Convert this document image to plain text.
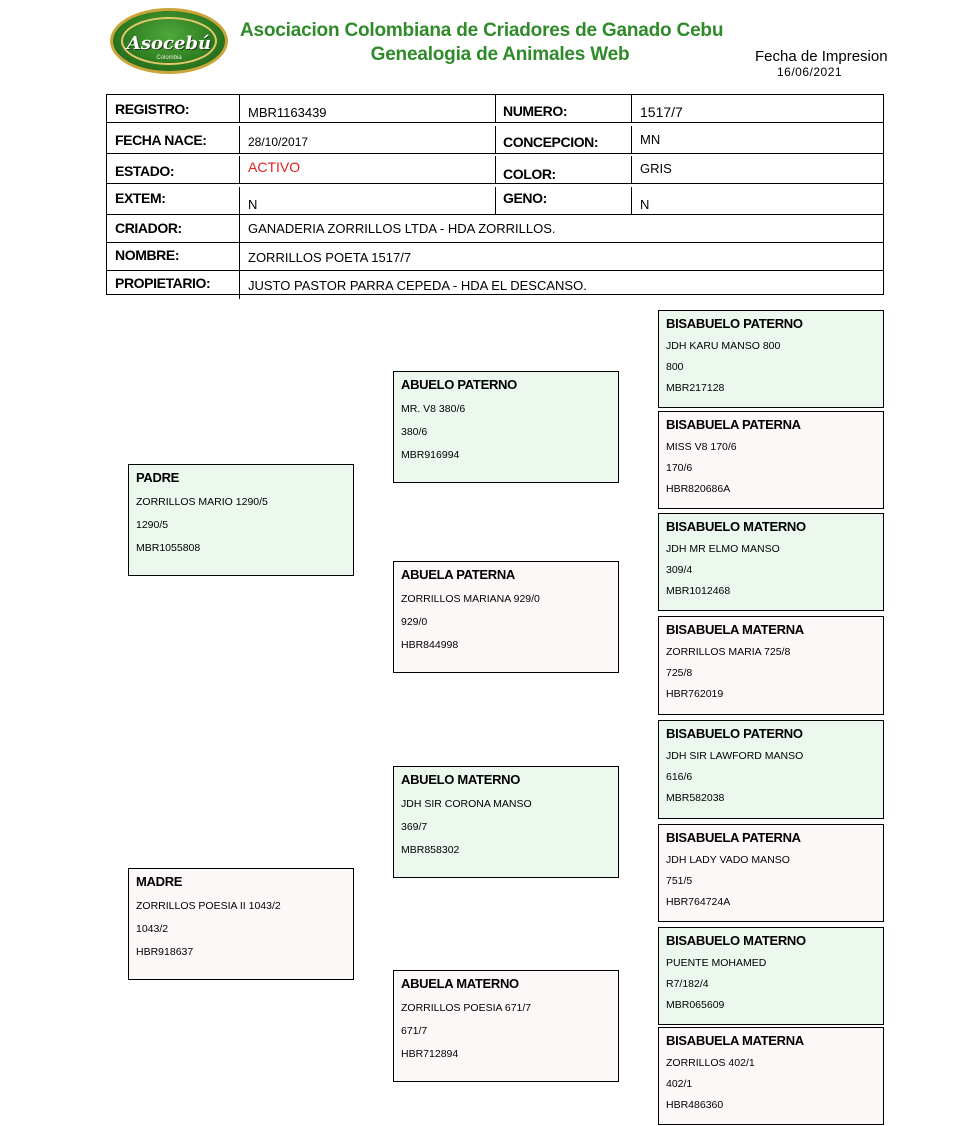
Asocebú
Colombia
Asociacion Colombiana de Criadores de Ganado Cebu
Genealogia de Animales Web	Fecha de Impresion
16/06/2021
REGISTRO:	MBR1163439	NUMERO:	1517/7
FECHA NACE:	28/10/2017	CONCEPCION:	MN
ESTADO:	ACTIVO	COLOR:	GRIS
EXTEM:	N	GENO:	N
CRIADOR:	GANADERIA ZORRILLOS LTDA - HDA ZORRILLOS.
NOMBRE:	ZORRILLOS POETA 1517/7
PROPIETARIO:	JUSTO PASTOR PARRA CEPEDA - HDA EL DESCANSO.
PADRE
ZORRILLOS MARIO 1290/5
1290/5
MBR1055808
MADRE
ZORRILLOS POESIA II 1043/2
1043/2
HBR918637
ABUELO PATERNO
MR. V8 380/6
380/6
MBR916994
ABUELA PATERNA
ZORRILLOS MARIANA 929/0
929/0
HBR844998
ABUELO MATERNO
JDH SIR CORONA MANSO
369/7
MBR858302
ABUELA MATERNO
ZORRILLOS POESIA 671/7
671/7
HBR712894
BISABUELO PATERNO
JDH KARU MANSO 800
800
MBR217128
BISABUELA PATERNA
MISS V8 170/6
170/6
HBR820686A
BISABUELO MATERNO
JDH MR ELMO MANSO
309/4
MBR1012468
BISABUELA MATERNA
ZORRILLOS MARIA 725/8
725/8
HBR762019
BISABUELO PATERNO
JDH SIR LAWFORD MANSO
616/6
MBR582038
BISABUELA PATERNA
JDH LADY VADO MANSO
751/5
HBR764724A
BISABUELO MATERNO
PUENTE MOHAMED
R7/182/4
MBR065609
BISABUELA MATERNA
ZORRILLOS 402/1
402/1
HBR486360
